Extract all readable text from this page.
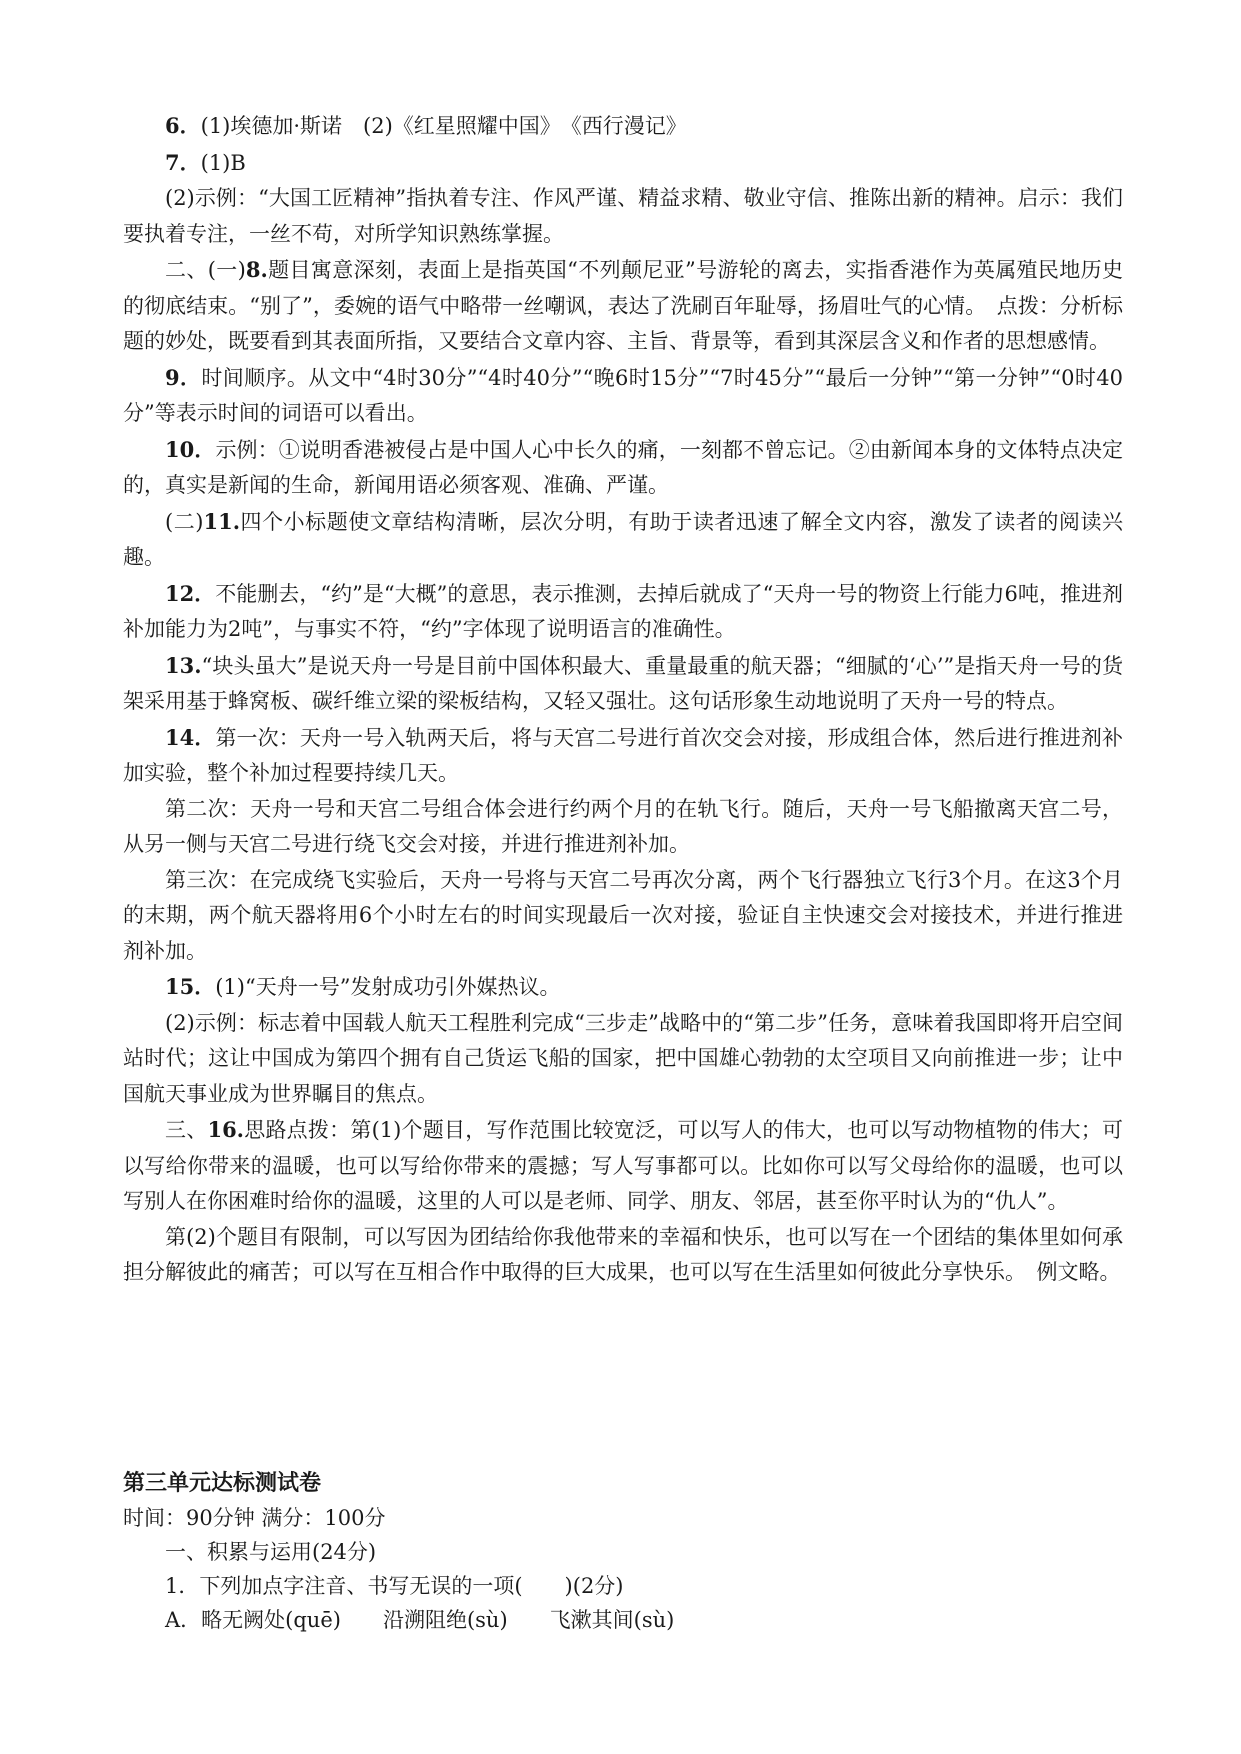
6．(1)埃德加·斯诺　(2)《红星照耀中国》　《西行漫记》

7．(1)B

(2)示例：“大国工匠精神”指执着专注、作风严谨、精益求精、敬业守信、推陈出新的精神。启示：我们要执着专注，一丝不苟，对所学知识熟练掌握。

二、(一)8.题目寓意深刻，表面上是指英国“不列颠尼亚”号游轮的离去，实指香港作为英属殖民地历史的彻底结束。“别了”，委婉的语气中略带一丝嘲讽，表达了洗刷百年耻辱，扬眉吐气的心情。　点拨：分析标题的妙处，既要看到其表面所指，又要结合文章内容、主旨、背景等，看到其深层含义和作者的思想感情。

9．时间顺序。从文中“4时30分”“4时40分”“晚6时15分”“7时45分”“最后一分钟”“第一分钟”“0时40分”等表示时间的词语可以看出。

10．示例：①说明香港被侵占是中国人心中长久的痛，一刻都不曾忘记。②由新闻本身的文体特点决定的，真实是新闻的生命，新闻用语必须客观、准确、严谨。

(二)11.四个小标题使文章结构清晰，层次分明，有助于读者迅速了解全文内容，激发了读者的阅读兴趣。

12．不能删去，“约”是“大概”的意思，表示推测，去掉后就成了“天舟一号的物资上行能力6吨，推进剂补加能力为2吨”，与事实不符，“约”字体现了说明语言的准确性。

13.“块头虽大”是说天舟一号是目前中国体积最大、重量最重的航天器；“细腻的‘心’”是指天舟一号的货架采用基于蜂窝板、碳纤维立梁的梁板结构，又轻又强壮。这句话形象生动地说明了天舟一号的特点。

14．第一次：天舟一号入轨两天后，将与天宫二号进行首次交会对接，形成组合体，然后进行推进剂补加实验，整个补加过程要持续几天。

第二次：天舟一号和天宫二号组合体会进行约两个月的在轨飞行。随后，天舟一号飞船撤离天宫二号，从另一侧与天宫二号进行绕飞交会对接，并进行推进剂补加。

第三次：在完成绕飞实验后，天舟一号将与天宫二号再次分离，两个飞行器独立飞行3个月。在这3个月的末期，两个航天器将用6个小时左右的时间实现最后一次对接，验证自主快速交会对接技术，并进行推进剂补加。

15．(1)“天舟一号”发射成功引外媒热议。

(2)示例：标志着中国载人航天工程胜利完成“三步走”战略中的“第二步”任务，意味着我国即将开启空间站时代；这让中国成为第四个拥有自己货运飞船的国家，把中国雄心勃勃的太空项目又向前推进一步；让中国航天事业成为世界瞩目的焦点。

三、16.思路点拨：第(1)个题目，写作范围比较宽泛，可以写人的伟大，也可以写动物植物的伟大；可以写给你带来的温暖，也可以写给你带来的震撼；写人写事都可以。比如你可以写父母给你的温暖，也可以写别人在你困难时给你的温暖，这里的人可以是老师、同学、朋友、邻居，甚至你平时认为的“仇人”。

第(2)个题目有限制，可以写因为团结给你我他带来的幸福和快乐，也可以写在一个团结的集体里如何承担分解彼此的痛苦；可以写在互相合作中取得的巨大成果，也可以写在生活里如何彼此分享快乐。　例文略。

第三单元达标测试卷

时间：90分钟 满分：100分

一、积累与运用(24分)

1．下列加点字注音、书写无误的一项(　　)(2分)

A．略无阙处(quē)　　沿溯阻绝(sù)　　飞漱其间(sù)
